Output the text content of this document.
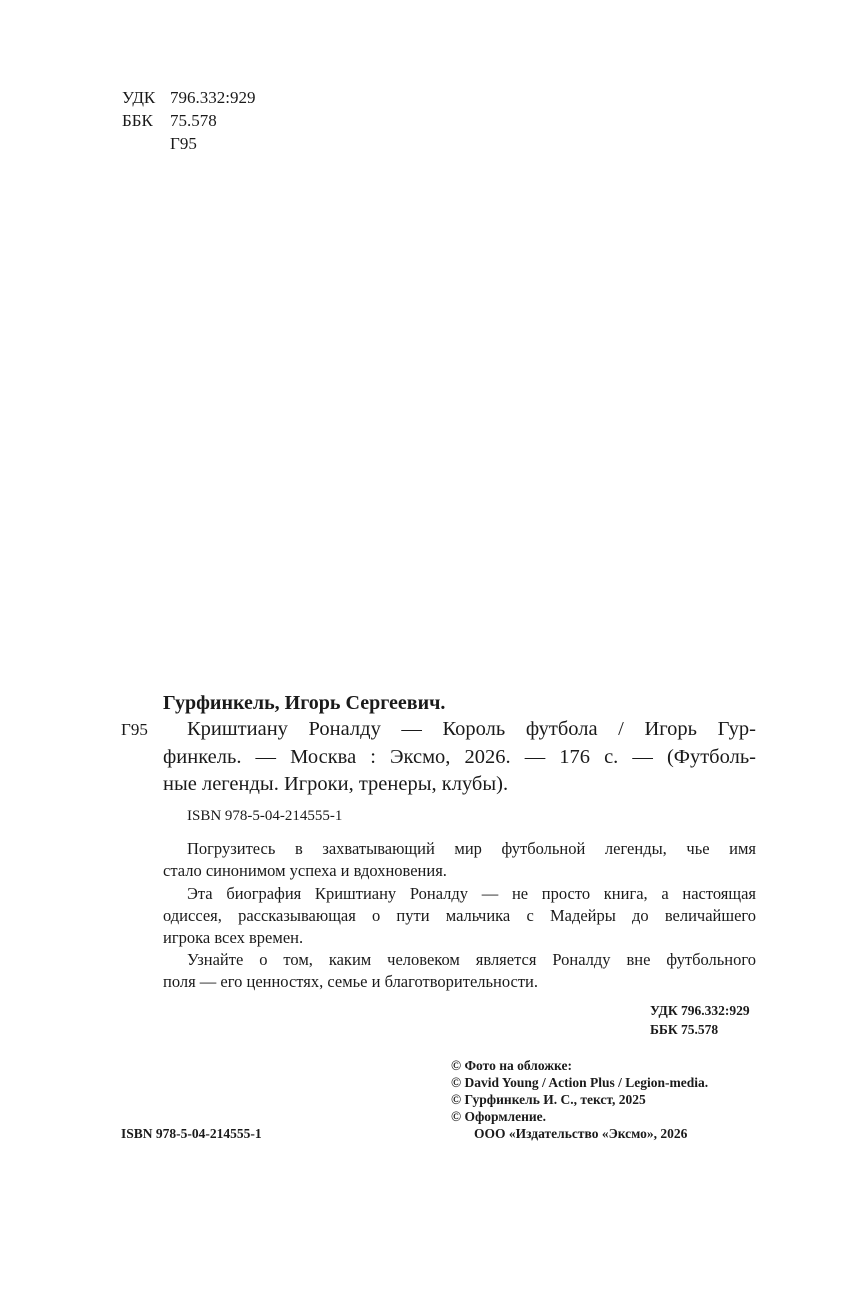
УДК 796.332:929
ББК 75.578
Г95
Гурфинкель, Игорь Сергеевич.
Г95 Криштиану Роналду — Король футбола / Игорь Гур-
финкель. — Москва : Эксмо, 2026. — 176 с. — (Футболь-
ные легенды. Игроки, тренеры, клубы).
ISBN 978-5-04-214555-1
Погрузитесь в захватывающий мир футбольной легенды, чье имя
стало синонимом успеха и вдохновения.
Эта биография Криштиану Роналду — не просто книга, а настоящая
одиссея, рассказывающая о пути мальчика с Мадейры до величайшего
игрока всех времен.
Узнайте о том, каким человеком является Роналду вне футбольного
поля — его ценностях, семье и благотворительности.
УДК 796.332:929
ББК 75.578
© Фото на обложке:
© David Young / Action Plus / Legion-media.
© Гурфинкель И. С., текст, 2025
© Оформление.
ООО «Издательство «Эксмо», 2026
ISBN 978-5-04-214555-1
